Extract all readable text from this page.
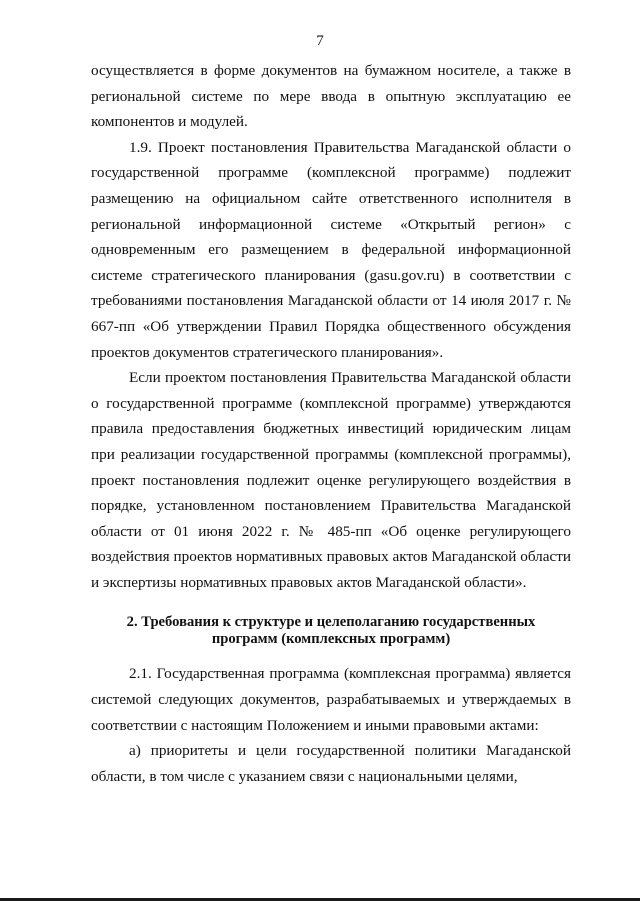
7

осуществляется в форме документов на бумажном носителе, а также в региональной системе по мере ввода в опытную эксплуатацию ее компонентов и модулей.

1.9. Проект постановления Правительства Магаданской области о государственной программе (комплексной программе) подлежит размещению на официальном сайте ответственного исполнителя в региональной информационной системе «Открытый регион» с одновременным его размещением в федеральной информационной системе стратегического планирования (gasu.gov.ru) в соответствии с требованиями постановления Магаданской области от 14 июля 2017 г. № 667-пп «Об утверждении Правил Порядка общественного обсуждения проектов документов стратегического планирования».

Если проектом постановления Правительства Магаданской области о государственной программе (комплексной программе) утверждаются правила предоставления бюджетных инвестиций юридическим лицам при реализации государственной программы (комплексной программы), проект постановления подлежит оценке регулирующего воздействия в порядке, установленном постановлением Правительства Магаданской области от 01 июня 2022 г. № 485-пп «Об оценке регулирующего воздействия проектов нормативных правовых актов Магаданской области и экспертизы нормативных правовых актов Магаданской области».

2. Требования к структуре и целеполаганию государственных
программ (комплексных программ)

2.1. Государственная программа (комплексная программа) является системой следующих документов, разрабатываемых и утверждаемых в соответствии с настоящим Положением и иными правовыми актами:

а) приоритеты и цели государственной политики Магаданской области, в том числе с указанием связи с национальными целями,
